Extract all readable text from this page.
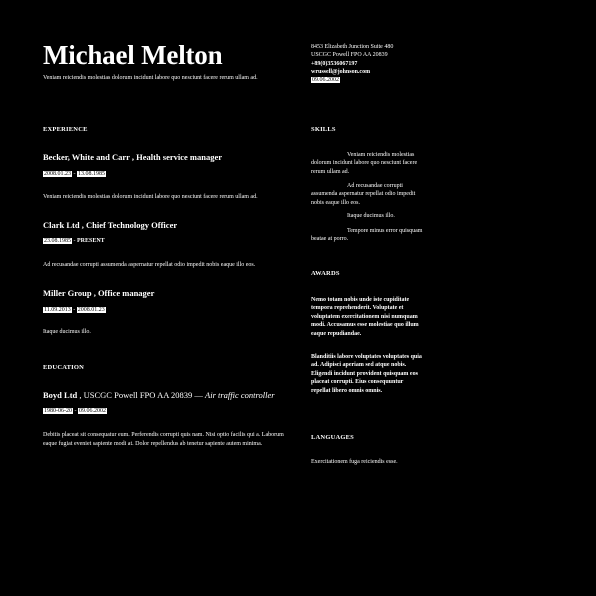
Michael Melton
Veniam reiciendis molestias dolorum incidunt labore quo nesciunt facere rerum ullam ad.
EXPERIENCE
Becker, White and Carr , Health service manager
2008.01.23 - 13.08.1985
Veniam reiciendis molestias dolorum incidunt labore quo nesciunt facere rerum ullam ad.
Clark Ltd , Chief Technology Officer
23.08.1985 - PRESENT
Ad recusandae corrupti assumenda aspernatur repellat odio impedit nobis eaque illo eos.
Miller Group , Office manager
11.09.2013 - 2008.01.23
Itaque ducimus illo.
EDUCATION
Boyd Ltd , USCGC Powell FPO AA 20839 — Air traffic controller
1980-06-20 - 09.06.2002
Debitis placeat sit consequatur eum. Perferendis corrupti quis nam. Nisi optio facilis qui a. Laborum eaque fugiat eveniet sapiente modi at. Dolor repellendus ab tenetur sapiente autem minima.
8453 Elizabeth Junction Suite 480
USCGC Powell FPO AA 20839
+89(0)3536067197
wrussell@johnson.com
09.06.2002
SKILLS
Veniam reiciendis molestias dolorum incidunt labore quo nesciunt facere rerum ullam ad.
Ad recusandae corrupti assumenda aspernatur repellat odio impedit nobis eaque illo eos.
Itaque ducimus illo.
Tempore minus error quisquam beatae at porro.
AWARDS
Nemo totam nobis unde iste cupiditate tempora reprehenderit. Voluptate et voluptatem exercitationem nisi numquam modi. Accusamus esse molestiae quo illum eaque repudiandae.
Blanditiis labore voluptates voluptates quia ad. Adipisci aperiam sed atque nobis. Eligendi incidunt provident quisquam eos placeat corrupti. Eius consequuntur repellat libero omnis omnis.
LANGUAGES
Exercitationem fuga reiciendis esse.
